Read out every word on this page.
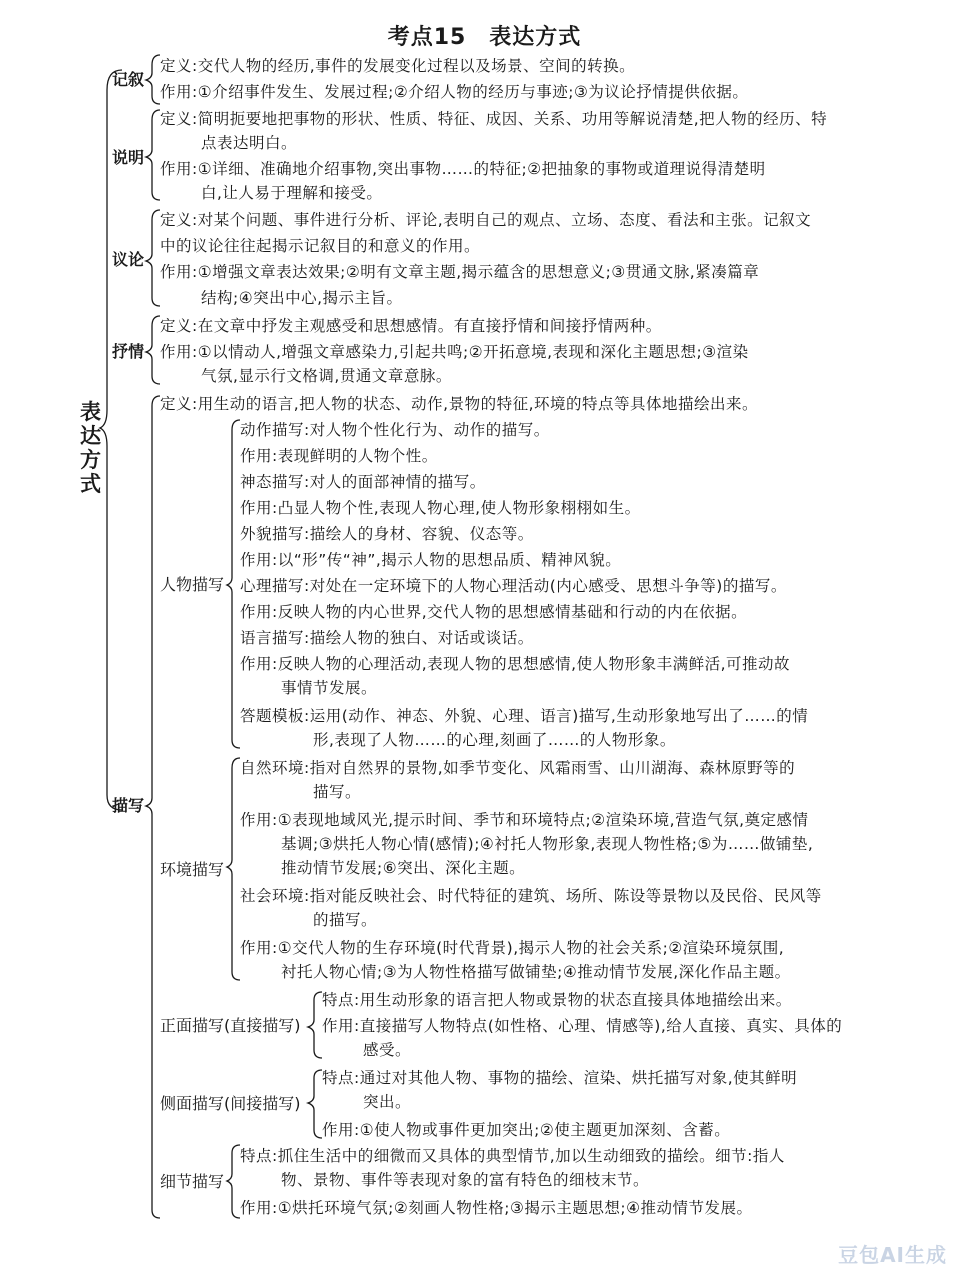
考点15　表达方式
表达方式
记叙
定义:交代人物的经历,事件的发展变化过程以及场景、空间的转换。
作用:①介绍事件发生、发展过程;②介绍人物的经历与事迹;③为议论抒情提供依据。
说明
定义:简明扼要地把事物的形状、性质、特征、成因、关系、功用等解说清楚,把人物的经历、特
点表达明白。
作用:①详细、准确地介绍事物,突出事物……的特征;②把抽象的事物或道理说得清楚明
白,让人易于理解和接受。
议论
定义:对某个问题、事件进行分析、评论,表明自己的观点、立场、态度、看法和主张。记叙文
中的议论往往起揭示记叙目的和意义的作用。
作用:①增强文章表达效果;②明有文章主题,揭示蕴含的思想意义;③贯通文脉,紧凑篇章
结构;④突出中心,揭示主旨。
抒情
定义:在文章中抒发主观感受和思想感情。有直接抒情和间接抒情两种。
作用:①以情动人,增强文章感染力,引起共鸣;②开拓意境,表现和深化主题思想;③渲染
气氛,显示行文格调,贯通文章意脉。
描写
定义:用生动的语言,把人物的状态、动作,景物的特征,环境的特点等具体地描绘出来。
人物描写
动作描写:对人物个性化行为、动作的描写。
作用:表现鲜明的人物个性。
神态描写:对人的面部神情的描写。
作用:凸显人物个性,表现人物心理,使人物形象栩栩如生。
外貌描写:描绘人的身材、容貌、仪态等。
作用:以“形”传“神”,揭示人物的思想品质、精神风貌。
心理描写:对处在一定环境下的人物心理活动(内心感受、思想斗争等)的描写。
作用:反映人物的内心世界,交代人物的思想感情基础和行动的内在依据。
语言描写:描绘人物的独白、对话或谈话。
作用:反映人物的心理活动,表现人物的思想感情,使人物形象丰满鲜活,可推动故
事情节发展。
答题模板:运用(动作、神态、外貌、心理、语言)描写,生动形象地写出了……的情
形,表现了人物……的心理,刻画了……的人物形象。
环境描写
自然环境:指对自然界的景物,如季节变化、风霜雨雪、山川湖海、森林原野等的
描写。
作用:①表现地域风光,提示时间、季节和环境特点;②渲染环境,营造气氛,奠定感情
基调;③烘托人物心情(感情);④衬托人物形象,表现人物性格;⑤为……做铺垫,
推动情节发展;⑥突出、深化主题。
社会环境:指对能反映社会、时代特征的建筑、场所、陈设等景物以及民俗、民风等
的描写。
作用:①交代人物的生存环境(时代背景),揭示人物的社会关系;②渲染环境氛围,
衬托人物心情;③为人物性格描写做铺垫;④推动情节发展,深化作品主题。
正面描写(直接描写)
特点:用生动形象的语言把人物或景物的状态直接具体地描绘出来。
作用:直接描写人物特点(如性格、心理、情感等),给人直接、真实、具体的
感受。
侧面描写(间接描写)
特点:通过对其他人物、事物的描绘、渲染、烘托描写对象,使其鲜明
突出。
作用:①使人物或事件更加突出;②使主题更加深刻、含蓄。
细节描写
特点:抓住生活中的细微而又具体的典型情节,加以生动细致的描绘。细节:指人
物、景物、事件等表现对象的富有特色的细枝末节。
作用:①烘托环境气氛;②刻画人物性格;③揭示主题思想;④推动情节发展。
豆包AI生成
